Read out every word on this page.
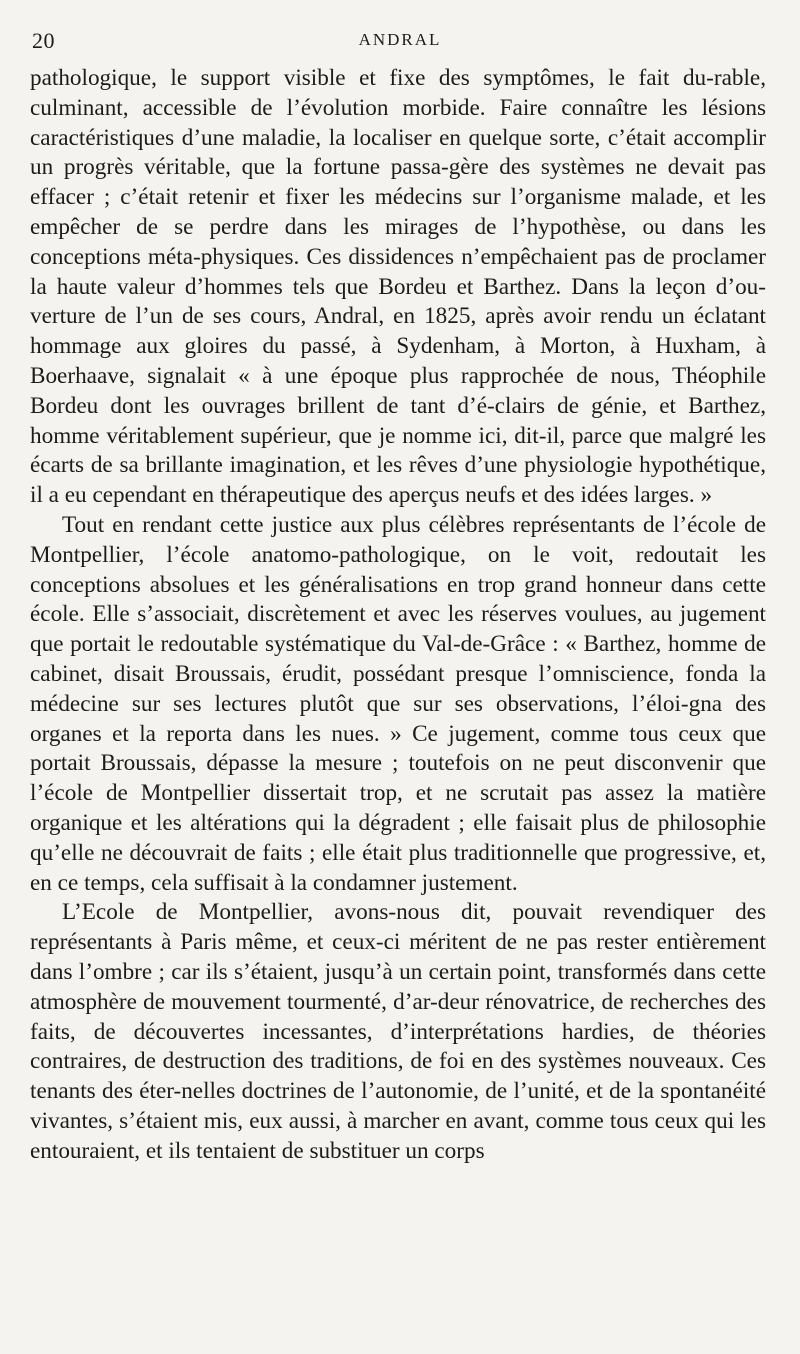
20	ANDRAL

pathologique, le support visible et fixe des symptômes, le fait du-rable, culminant, accessible de l’évolution morbide. Faire connaître les lésions caractéristiques d’une maladie, la localiser en quelque sorte, c’était accomplir un progrès véritable, que la fortune passa-gère des systèmes ne devait pas effacer ; c’était retenir et fixer les médecins sur l’organisme malade, et les empêcher de se perdre dans les mirages de l’hypothèse, ou dans les conceptions méta-physiques. Ces dissidences n’empêchaient pas de proclamer la haute valeur d’hommes tels que Bordeu et Barthez. Dans la leçon d’ou-verture de l’un de ses cours, Andral, en 1825, après avoir rendu un éclatant hommage aux gloires du passé, à Sydenham, à Morton, à Huxham, à Boerhaave, signalait « à une époque plus rapprochée de nous, Théophile Bordeu dont les ouvrages brillent de tant d’é-clairs de génie, et Barthez, homme véritablement supérieur, que je nomme ici, dit-il, parce que malgré les écarts de sa brillante imagination, et les rêves d’une physiologie hypothétique, il a eu cependant en thérapeutique des aperçus neufs et des idées larges. »

Tout en rendant cette justice aux plus célèbres représentants de l’école de Montpellier, l’école anatomo-pathologique, on le voit, redoutait les conceptions absolues et les généralisations en trop grand honneur dans cette école. Elle s’associait, discrètement et avec les réserves voulues, au jugement que portait le redoutable systématique du Val-de-Grâce : « Barthez, homme de cabinet, disait Broussais, érudit, possédant presque l’omniscience, fonda la médecine sur ses lectures plutôt que sur ses observations, l’éloi-gna des organes et la reporta dans les nues. » Ce jugement, comme tous ceux que portait Broussais, dépasse la mesure ; toutefois on ne peut disconvenir que l’école de Montpellier dissertait trop, et ne scrutait pas assez la matière organique et les altérations qui la dégradent ; elle faisait plus de philosophie qu’elle ne découvrait de faits ; elle était plus traditionnelle que progressive, et, en ce temps, cela suffisait à la condamner justement.

L’Ecole de Montpellier, avons-nous dit, pouvait revendiquer des représentants à Paris même, et ceux-ci méritent de ne pas rester entièrement dans l’ombre ; car ils s’étaient, jusqu’à un certain point, transformés dans cette atmosphère de mouvement tourmenté, d’ar-deur rénovatrice, de recherches des faits, de découvertes incessantes, d’interprétations hardies, de théories contraires, de destruction des traditions, de foi en des systèmes nouveaux. Ces tenants des éter-nelles doctrines de l’autonomie, de l’unité, et de la spontanéité vivantes, s’étaient mis, eux aussi, à marcher en avant, comme tous ceux qui les entouraient, et ils tentaient de substituer un corps
